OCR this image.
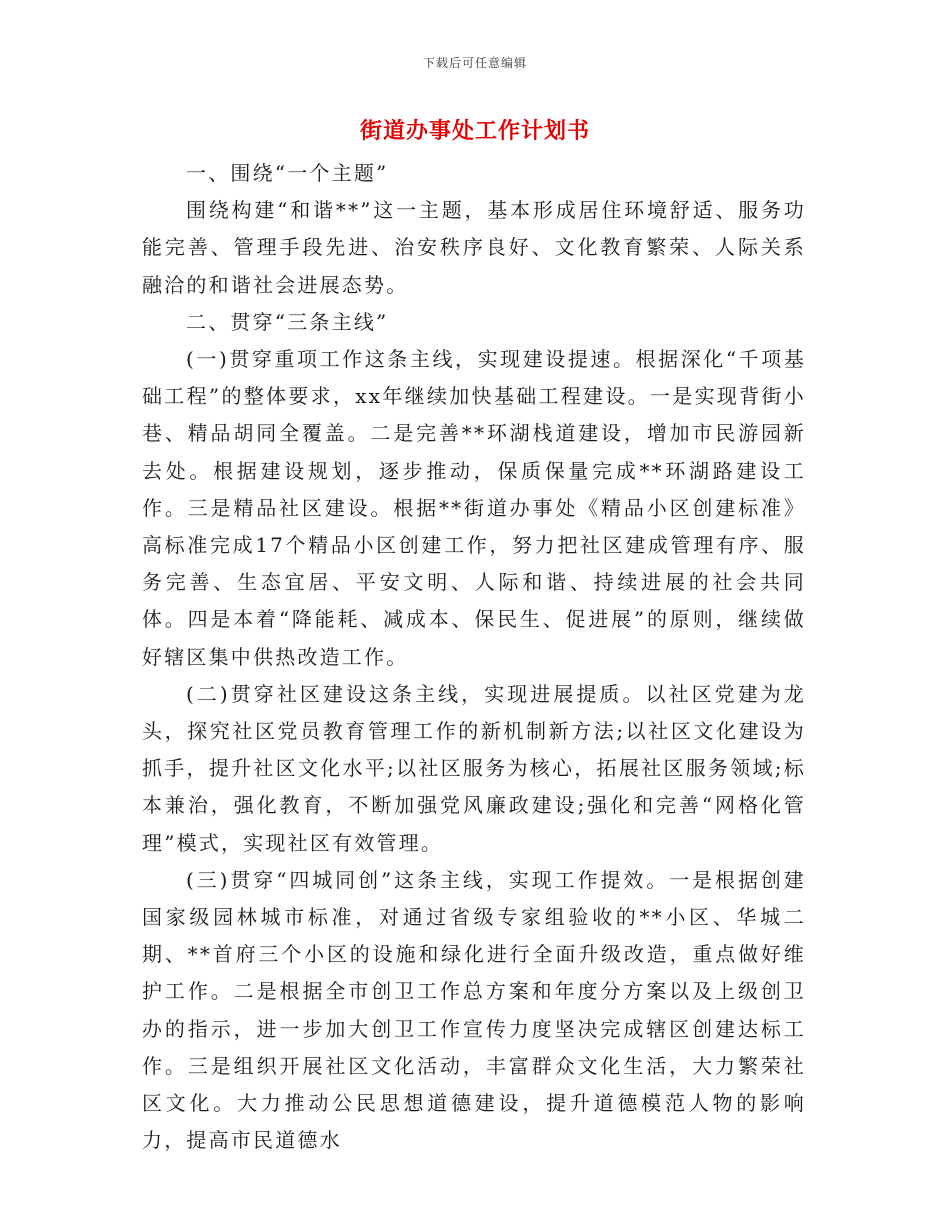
下载后可任意编辑
街道办事处工作计划书

一、围绕“一个主题”

围绕构建“和谐**”这一主题，基本形成居住环境舒适、服务功能完善、管理手段先进、治安秩序良好、文化教育繁荣、人际关系融洽的和谐社会进展态势。

二、贯穿“三条主线”

(一)贯穿重项工作这条主线，实现建设提速。根据深化“千项基础工程”的整体要求，xx年继续加快基础工程建设。一是实现背街小巷、精品胡同全覆盖。二是完善**环湖栈道建设，增加市民游园新去处。根据建设规划，逐步推动，保质保量完成**环湖路建设工作。三是精品社区建设。根据**街道办事处《精品小区创建标准》高标准完成17个精品小区创建工作，努力把社区建成管理有序、服务完善、生态宜居、平安文明、人际和谐、持续进展的社会共同体。四是本着“降能耗、减成本、保民生、促进展”的原则，继续做好辖区集中供热改造工作。

(二)贯穿社区建设这条主线，实现进展提质。以社区党建为龙头，探究社区党员教育管理工作的新机制新方法;以社区文化建设为抓手，提升社区文化水平;以社区服务为核心，拓展社区服务领域;标本兼治，强化教育，不断加强党风廉政建设;强化和完善“网格化管理”模式，实现社区有效管理。

(三)贯穿“四城同创”这条主线，实现工作提效。一是根据创建国家级园林城市标准，对通过省级专家组验收的**小区、华城二期、**首府三个小区的设施和绿化进行全面升级改造，重点做好维护工作。二是根据全市创卫工作总方案和年度分方案以及上级创卫办的指示，进一步加大创卫工作宣传力度坚决完成辖区创建达标工作。三是组织开展社区文化活动，丰富群众文化生活，大力繁荣社区文化。大力推动公民思想道德建设，提升道德模范人物的影响力，提高市民道德水
